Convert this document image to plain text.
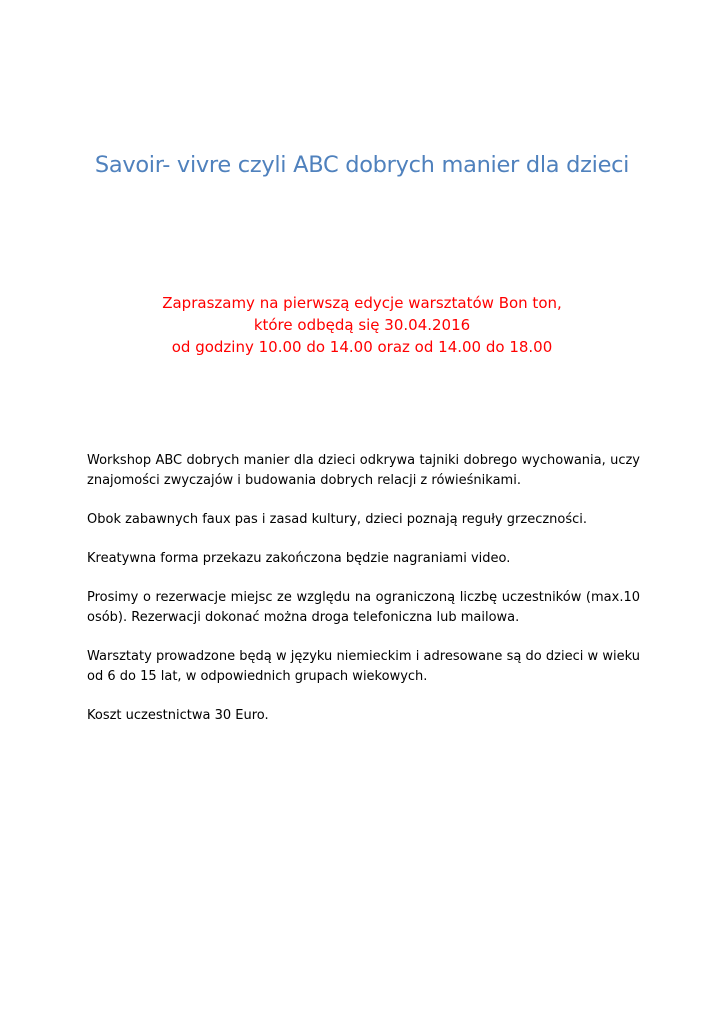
Savoir- vivre czyli ABC dobrych manier dla dzieci
Zapraszamy na pierwszą edycje warsztatów Bon ton,
które odbędą się 30.04.2016
od godziny 10.00 do 14.00 oraz od 14.00 do 18.00

Workshop ABC dobrych manier dla dzieci odkrywa tajniki dobrego wychowania, uczy znajomości zwyczajów i budowania dobrych relacji z rówieśnikami.

Obok zabawnych faux pas i zasad kultury, dzieci poznają reguły grzeczności.

Kreatywna forma przekazu zakończona będzie nagraniami video.

Prosimy o rezerwacje miejsc ze względu na ograniczoną liczbę uczestników (max.10 osób). Rezerwacji dokonać można droga telefoniczna lub mailowa.

Warsztaty prowadzone będą w języku niemieckim i adresowane są do dzieci w wieku od 6 do 15 lat, w odpowiednich grupach wiekowych.

Koszt uczestnictwa 30 Euro.
